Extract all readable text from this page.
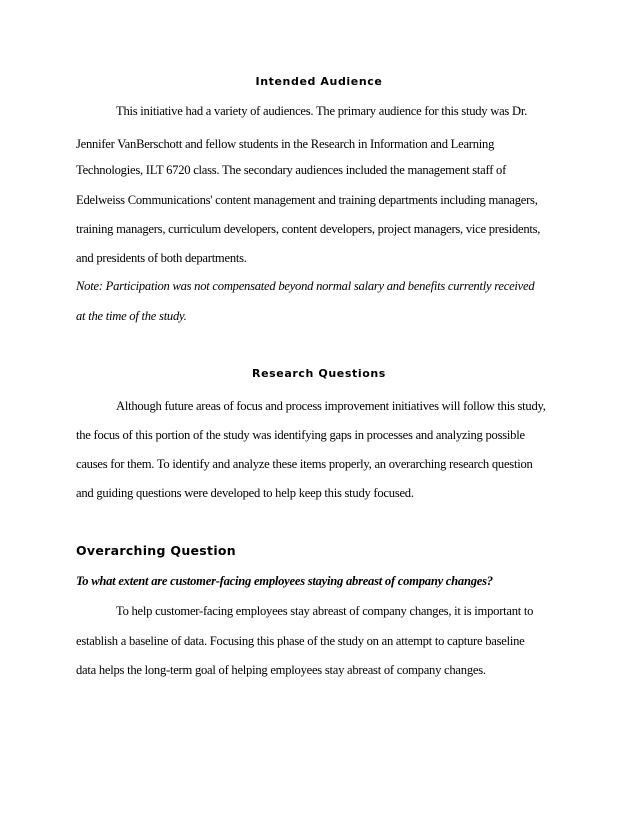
Intended Audience
This initiative had a variety of audiences. The primary audience for this study was Dr.
Jennifer VanBerschott and fellow students in the Research in Information and Learning
Technologies, ILT 6720 class. The secondary audiences included the management staff of
Edelweiss Communications' content management and training departments including managers,
training managers, curriculum developers, content developers, project managers, vice presidents,
and presidents of both departments.
Note: Participation was not compensated beyond normal salary and benefits currently received
at the time of the study.
Research Questions
Although future areas of focus and process improvement initiatives will follow this study,
the focus of this portion of the study was identifying gaps in processes and analyzing possible
causes for them. To identify and analyze these items properly, an overarching research question
and guiding questions were developed to help keep this study focused.
Overarching Question
To what extent are customer-facing employees staying abreast of company changes?
To help customer-facing employees stay abreast of company changes, it is important to
establish a baseline of data. Focusing this phase of the study on an attempt to capture baseline
data helps the long-term goal of helping employees stay abreast of company changes.
